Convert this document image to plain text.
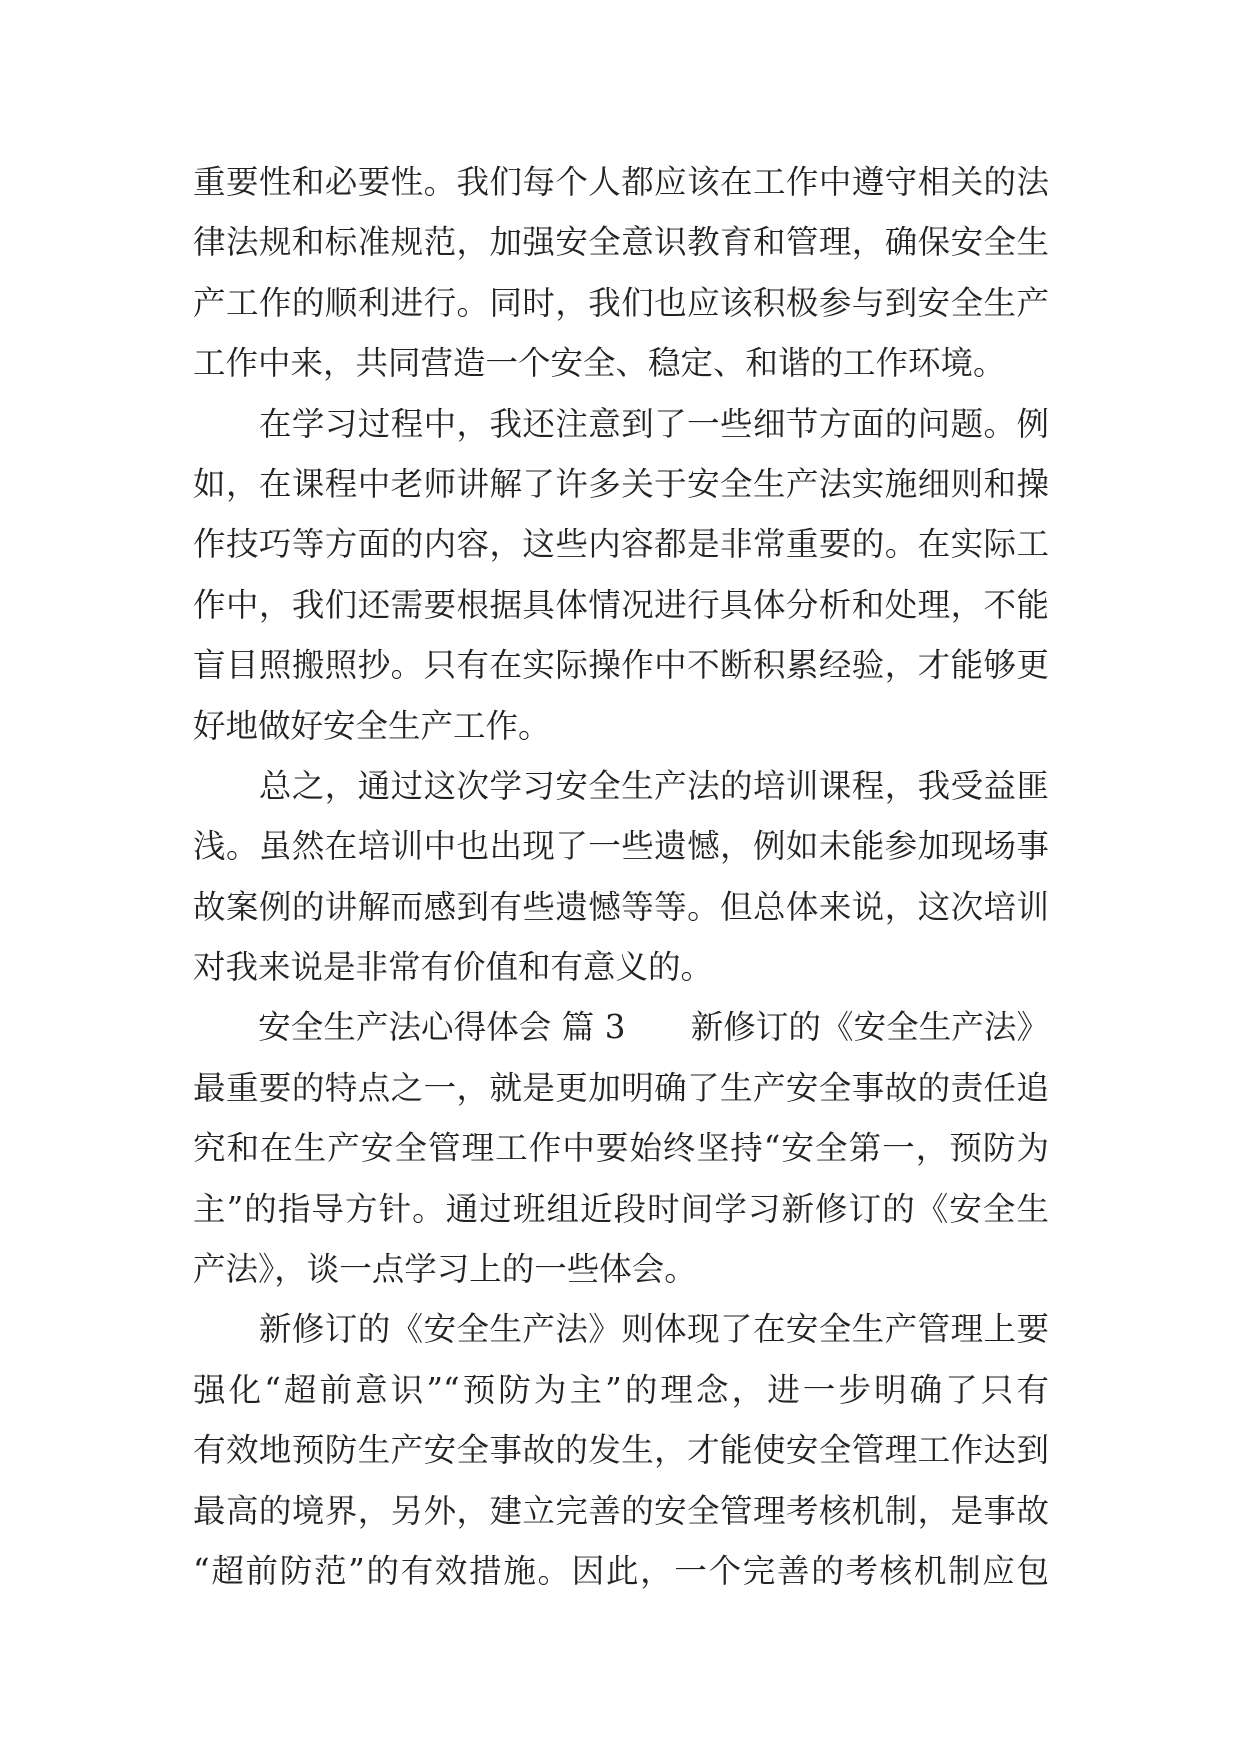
重要性和必要性。我们每个人都应该在工作中遵守相关的法
律法规和标准规范，加强安全意识教育和管理，确保安全生
产工作的顺利进行。同时，我们也应该积极参与到安全生产
工作中来，共同营造一个安全、稳定、和谐的工作环境。
　　在学习过程中，我还注意到了一些细节方面的问题。例
如，在课程中老师讲解了许多关于安全生产法实施细则和操
作技巧等方面的内容，这些内容都是非常重要的。在实际工
作中，我们还需要根据具体情况进行具体分析和处理，不能
盲目照搬照抄。只有在实际操作中不断积累经验，才能够更
好地做好安全生产工作。
　　总之，通过这次学习安全生产法的培训课程，我受益匪
浅。虽然在培训中也出现了一些遗憾，例如未能参加现场事
故案例的讲解而感到有些遗憾等等。但总体来说，这次培训
对我来说是非常有价值和有意义的。
　　安全生产法心得体会 篇 3　　新修订的《安全生产法》
最重要的特点之一，就是更加明确了生产安全事故的责任追
究和在生产安全管理工作中要始终坚持“安全第一，预防为
主”的指导方针。通过班组近段时间学习新修订的《安全生
产法》，谈一点学习上的一些体会。
　　新修订的《安全生产法》则体现了在安全生产管理上要
强化“超前意识”“预防为主”的理念，进一步明确了只有
有效地预防生产安全事故的发生，才能使安全管理工作达到
最高的境界，另外，建立完善的安全管理考核机制，是事故
“超前防范”的有效措施。因此，一个完善的考核机制应包
